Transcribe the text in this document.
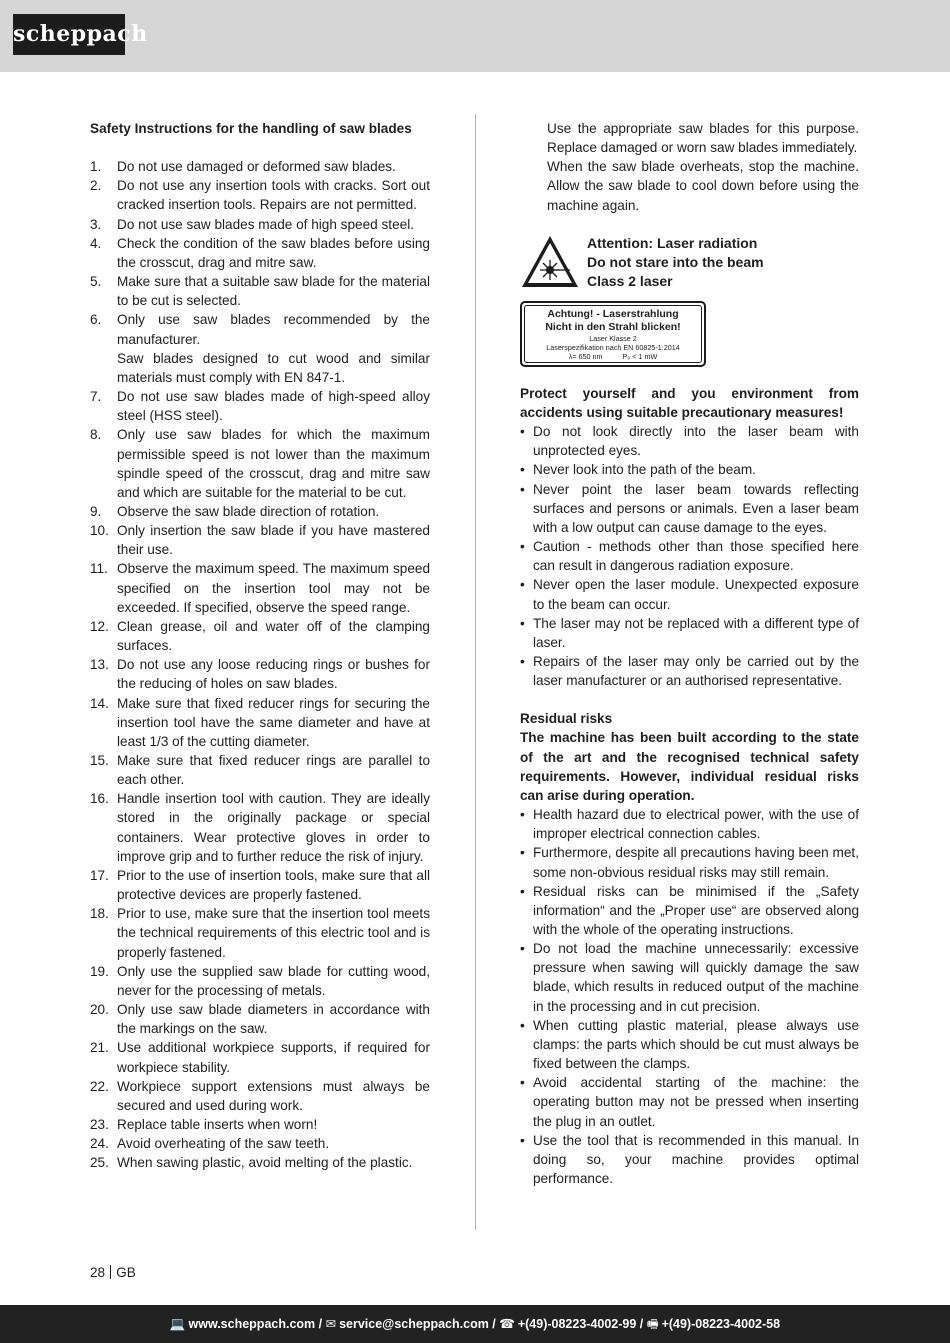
scheppach

Safety Instructions for the handling of saw blades

1. Do not use damaged or deformed saw blades.
2. Do not use any insertion tools with cracks. Sort out cracked insertion tools. Repairs are not permitted.
3. Do not use saw blades made of high speed steel.
4. Check the condition of the saw blades before using the crosscut, drag and mitre saw.
5. Make sure that a suitable saw blade for the material to be cut is selected.
6. Only use saw blades recommended by the manufacturer.
Saw blades designed to cut wood and similar materials must comply with EN 847-1.
7. Do not use saw blades made of high-speed alloy steel (HSS steel).
8. Only use saw blades for which the maximum permissible speed is not lower than the maximum spindle speed of the crosscut, drag and mitre saw and which are suitable for the material to be cut.
9. Observe the saw blade direction of rotation.
10. Only insertion the saw blade if you have mastered their use.
11. Observe the maximum speed. The maximum speed specified on the insertion tool may not be exceeded. If specified, observe the speed range.
12. Clean grease, oil and water off of the clamping surfaces.
13. Do not use any loose reducing rings or bushes for the reducing of holes on saw blades.
14. Make sure that fixed reducer rings for securing the insertion tool have the same diameter and have at least 1/3 of the cutting diameter.
15. Make sure that fixed reducer rings are parallel to each other.
16. Handle insertion tool with caution. They are ideally stored in the originally package or special containers. Wear protective gloves in order to improve grip and to further reduce the risk of injury.
17. Prior to the use of insertion tools, make sure that all protective devices are properly fastened.
18. Prior to use, make sure that the insertion tool meets the technical requirements of this electric tool and is properly fastened.
19. Only use the supplied saw blade for cutting wood, never for the processing of metals.
20. Only use saw blade diameters in accordance with the markings on the saw.
21. Use additional workpiece supports, if required for workpiece stability.
22. Workpiece support extensions must always be secured and used during work.
23. Replace table inserts when worn!
24. Avoid overheating of the saw teeth.
25. When sawing plastic, avoid melting of the plastic.

Use the appropriate saw blades for this purpose. Replace damaged or worn saw blades immediately.

When the saw blade overheats, stop the machine. Allow the saw blade to cool down before using the machine again.

Attention: Laser radiation
Do not stare into the beam
Class 2 laser
Achtung! - Laserstrahlung
Nicht in den Strahl blicken!
Laser Klasse 2
Laserspezifikation nach EN 60825-1:2014
λ= 650 nm          P₀ < 1 mW

Protect yourself and you environment from accidents using suitable precautionary measures!

• Do not look directly into the laser beam with unprotected eyes.
• Never look into the path of the beam.
• Never point the laser beam towards reflecting surfaces and persons or animals. Even a laser beam with a low output can cause damage to the eyes.
• Caution - methods other than those specified here can result in dangerous radiation exposure.
• Never open the laser module. Unexpected exposure to the beam can occur.
• The laser may not be replaced with a different type of laser.
• Repairs of the laser may only be carried out by the laser manufacturer or an authorised representative.

Residual risks

The machine has been built according to the state of the art and the recognised technical safety requirements. However, individual residual risks can arise during operation.

• Health hazard due to electrical power, with the use of improper electrical connection cables.
• Furthermore, despite all precautions having been met, some non-obvious residual risks may still remain.
• Residual risks can be minimised if the „Safety information“ and the „Proper use“ are observed along with the whole of the operating instructions.
• Do not load the machine unnecessarily: excessive pressure when sawing will quickly damage the saw blade, which results in reduced output of the machine in the processing and in cut precision.
• When cutting plastic material, please always use clamps: the parts which should be cut must always be fixed between the clamps.
• Avoid accidental starting of the machine: the operating button may not be pressed when inserting the plug in an outlet.
• Use the tool that is recommended in this manual. In doing so, your machine provides optimal performance.
28 GB
💻 www.scheppach.com / ✉ service@scheppach.com / ☎ +(49)-08223-4002-99 / 🖷 +(49)-08223-4002-58
